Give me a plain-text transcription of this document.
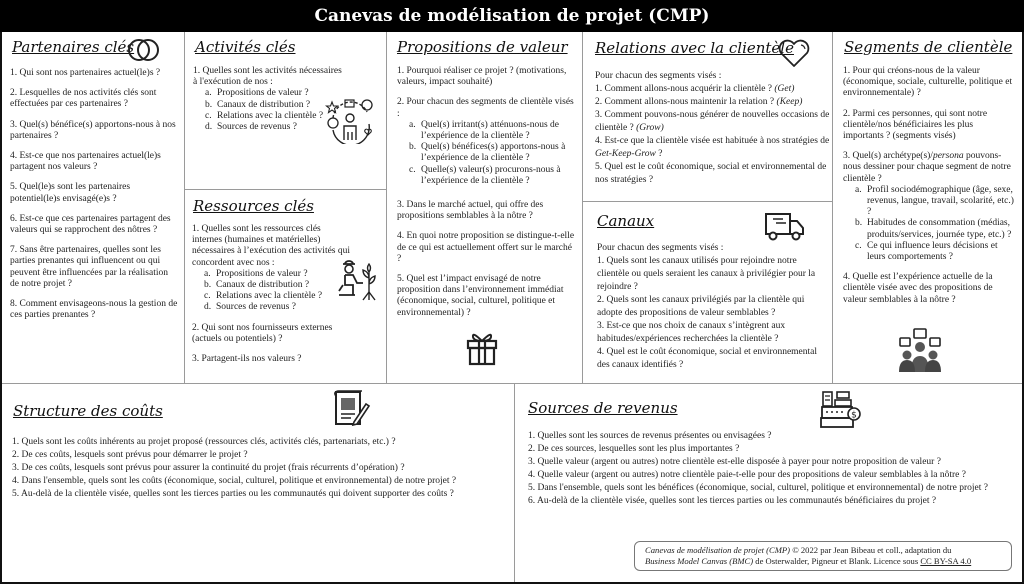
Canevas de modélisation de projet (CMP)
Partenaires clés

1. Qui sont nos partenaires actuel(le)s ?

2. Lesquelles de nos activités clés sont effectuées par ces partenaires ?

3. Quel(s) bénéfice(s) apportons-nous à nos partenaires ?

4. Est-ce que nos partenaires actuel(le)s partagent nos valeurs ?

5. Quel(le)s sont les partenaires potentiel(le)s envisagé(e)s ?

6. Est-ce que ces partenaires partagent des valeurs qui se rapprochent des nôtres ?

7. Sans être partenaires, quelles sont les parties prenantes qui influencent ou qui peuvent être influencées par la réalisation de notre projet ?

8. Comment envisageons-nous la gestion de ces parties prenantes ?

Activités clés

1. Quelles sont les activités nécessaires à l'exécution de nos :

a. Propositions de valeur ?
b. Canaux de distribution ?
c. Relations avec la clientèle ?
d. Sources de revenus ?
Ressources clés

1. Quelles sont les ressources clés internes (humaines et matérielles) nécessaires à l’exécution des activités qui concordent avec nos :

a. Propositions de valeur ?
b. Canaux de distribution ?
c. Relations avec la clientèle ?
d. Sources de revenus ?

2. Qui sont nos fournisseurs externes (actuels ou potentiels) ?

3. Partagent-ils nos valeurs ?

Propositions de valeur

1. Pourquoi réaliser ce projet ? (motivations, valeurs, impact souhaité)

2. Pour chacun des segments de clientèle visés :

a. Quel(s) irritant(s) atténuons-nous de l’expérience de la clientèle ?
b. Quel(s) bénéfices(s) apportons-nous à l’expérience de la clientèle ?
c. Quelle(s) valeur(s) procurons-nous à l’expérience de la clientèle ?

3. Dans le marché actuel, qui offre des propositions semblables à la nôtre ?

4. En quoi notre proposition se distingue-t-elle de ce qui est actuellement offert sur le marché ?

5. Quel est l’impact envisagé de notre proposition dans l’environnement immédiat (économique, social, culturel, politique et environnemental) ?

Relations avec la clientèle

Pour chacun des segments visés :

1. Comment allons-nous acquérir la clientèle ? (Get)

2. Comment allons-nous maintenir la relation ? (Keep)

3. Comment pouvons-nous générer de nouvelles occasions de clientèle ? (Grow)

4. Est-ce que la clientèle visée est habituée à nos stratégies de Get-Keep-Grow ?

5. Quel est le coût économique, social et environnemental de nos stratégies ?

Canaux

Pour chacun des segments visés :

1. Quels sont les canaux utilisés pour rejoindre notre clientèle ou quels seraient les canaux à privilégier pour la rejoindre ?

2. Quels sont les canaux privilégiés par la clientèle qui adopte des propositions de valeur semblables ?

3. Est-ce que nos choix de canaux s’intègrent aux habitudes/expériences recherchées la clientèle ?

4. Quel est le coût économique, social et environnemental des canaux identifiés ?

Segments de clientèle

1. Pour qui créons-nous de la valeur (économique, sociale, culturelle, politique et environnementale) ?

2. Parmi ces personnes, qui sont notre clientèle/nos bénéficiaires les plus importants ? (segments visés)

3. Quel(s) archétype(s)/persona pouvons-nous dessiner pour chaque segment de notre clientèle ?

a. Profil sociodémographique (âge, sexe, revenus, langue, travail, scolarité, etc.) ?
b. Habitudes de consommation (médias, produits/services, journée type, etc.) ?
c. Ce qui influence leurs décisions et leurs comportements ?

4. Quelle est l’expérience actuelle de la clientèle visée avec des propositions de valeur semblables à la nôtre ?

Structure des coûts

1. Quels sont les coûts inhérents au projet proposé (ressources clés, activités clés, partenariats, etc.) ?

2. De ces coûts, lesquels sont prévus pour démarrer le projet ?

3. De ces coûts, lesquels sont prévus pour assurer la continuité du projet (frais récurrents d’opération) ?

4. Dans l'ensemble, quels sont les coûts (économique, social, culturel, politique et environnemental) de notre projet ?

5. Au-delà de la clientèle visée, quelles sont les tierces parties ou les communautés qui doivent supporter des coûts ?

Sources de revenus	$

1. Quelles sont les sources de revenus présentes ou envisagées ?

2. De ces sources, lesquelles sont les plus importantes ?

3. Quelle valeur (argent ou autres) notre clientèle est-elle disposée à payer pour notre proposition de valeur ?

4. Quelle valeur (argent ou autres) notre clientèle paie-t-elle pour des propositions de valeur semblables à la nôtre ?

5. Dans l'ensemble, quels sont les bénéfices (économique, social, culturel, politique et environnemental) de notre projet ?

6. Au-delà de la clientèle visée, quelles sont les tierces parties ou les communautés bénéficiaires du projet ?

Canevas de modélisation de projet (CMP) © 2022 par Jean Bibeau et coll., adaptation du
Business Model Canvas (BMC) de Osterwalder, Pigneur et Blank. Licence sous CC BY-SA 4.0
